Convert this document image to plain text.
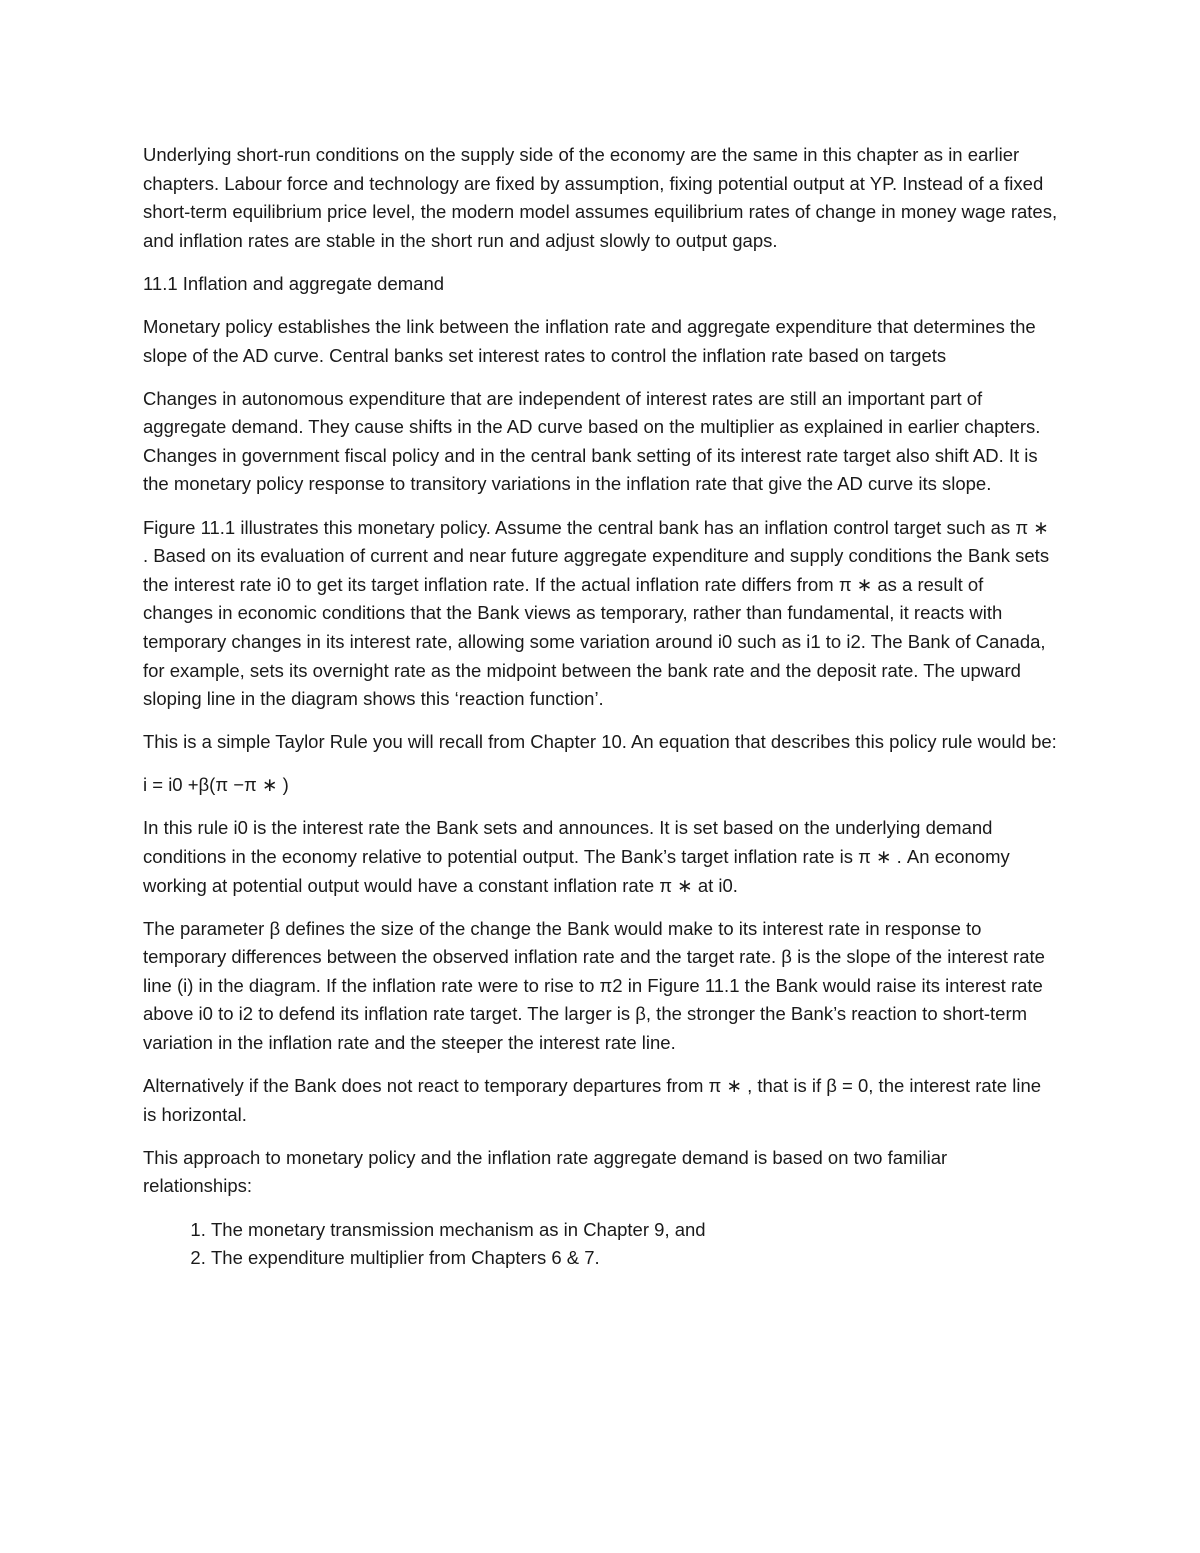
Underlying short-run conditions on the supply side of the economy are the same in this chapter as in earlier chapters. Labour force and technology are fixed by assumption, fixing potential output at YP. Instead of a fixed short-term equilibrium price level, the modern model assumes equilibrium rates of change in money wage rates, and inflation rates are stable in the short run and adjust slowly to output gaps.

11.1 Inflation and aggregate demand

Monetary policy establishes the link between the inflation rate and aggregate expenditure that determines the slope of the AD curve. Central banks set interest rates to control the inflation rate based on targets

Changes in autonomous expenditure that are independent of interest rates are still an important part of aggregate demand. They cause shifts in the AD curve based on the multiplier as explained in earlier chapters. Changes in government fiscal policy and in the central bank setting of its interest rate target also shift AD. It is the monetary policy response to transitory variations in the inflation rate that give the AD curve its slope.

Figure 11.1 illustrates this monetary policy. Assume the central bank has an inflation control target such as π ∗ . Based on its evaluation of current and near future aggregate expenditure and supply conditions the Bank sets the interest rate i0 to get its target inflation rate. If the actual inflation rate differs from π ∗ as a result of changes in economic conditions that the Bank views as temporary, rather than fundamental, it reacts with temporary changes in its interest rate, allowing some variation around i0 such as i1 to i2. The Bank of Canada, for example, sets its overnight rate as the midpoint between the bank rate and the deposit rate. The upward sloping line in the diagram shows this ‘reaction function’.

This is a simple Taylor Rule you will recall from Chapter 10. An equation that describes this policy rule would be:

i = i0 +β(π −π ∗ )

In this rule i0 is the interest rate the Bank sets and announces. It is set based on the underlying demand conditions in the economy relative to potential output. The Bank’s target inflation rate is π ∗ . An economy working at potential output would have a constant inflation rate π ∗ at i0.

The parameter β defines the size of the change the Bank would make to its interest rate in response to temporary differences between the observed inflation rate and the target rate. β is the slope of the interest rate line (i) in the diagram. If the inflation rate were to rise to π2 in Figure 11.1 the Bank would raise its interest rate above i0 to i2 to defend its inflation rate target. The larger is β, the stronger the Bank’s reaction to short-term variation in the inflation rate and the steeper the interest rate line.

Alternatively if the Bank does not react to temporary departures from π ∗ , that is if β = 0, the interest rate line is horizontal.

This approach to monetary policy and the inflation rate aggregate demand is based on two familiar relationships:

1. The monetary transmission mechanism as in Chapter 9, and
2. The expenditure multiplier from Chapters 6 & 7.
